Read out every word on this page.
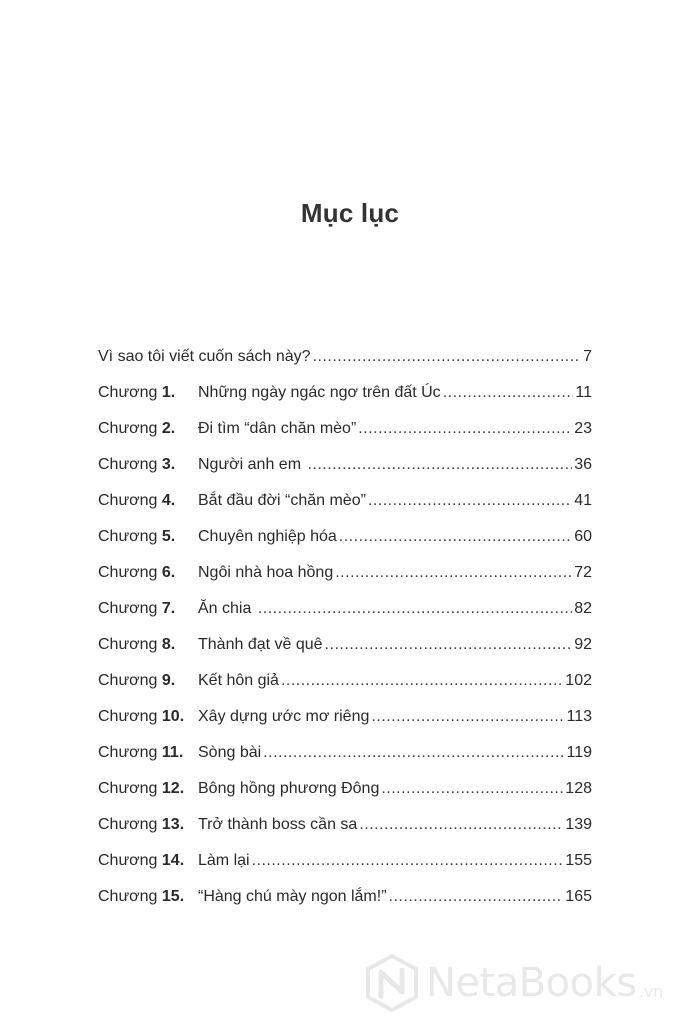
Mục lục
Vì sao tôi viết cuốn sách này? .....	7
Chương 1.	Những ngày ngác ngơ trên đất Úc .....	11
Chương 2.	Đi tìm “dân chăn mèo” .....	23
Chương 3.	Người anh em .....	36
Chương 4.	Bắt đầu đời “chăn mèo” .....	41
Chương 5.	Chuyên nghiệp hóa .....	60
Chương 6.	Ngôi nhà hoa hồng .....	72
Chương 7.	Ăn chia .....	82
Chương 8.	Thành đạt về quê .....	92
Chương 9.	Kết hôn giả .....	102
Chương 10. Xây dựng ước mơ riêng .....	113
Chương 11. Sòng bài .....	119
Chương 12. Bông hồng phương Đông .....	128
Chương 13. Trở thành boss cần sa .....	139
Chương 14. Làm lại .....	155
Chương 15. “Hàng chú mày ngon lắm!” .....	165
NetaBooks .vn
